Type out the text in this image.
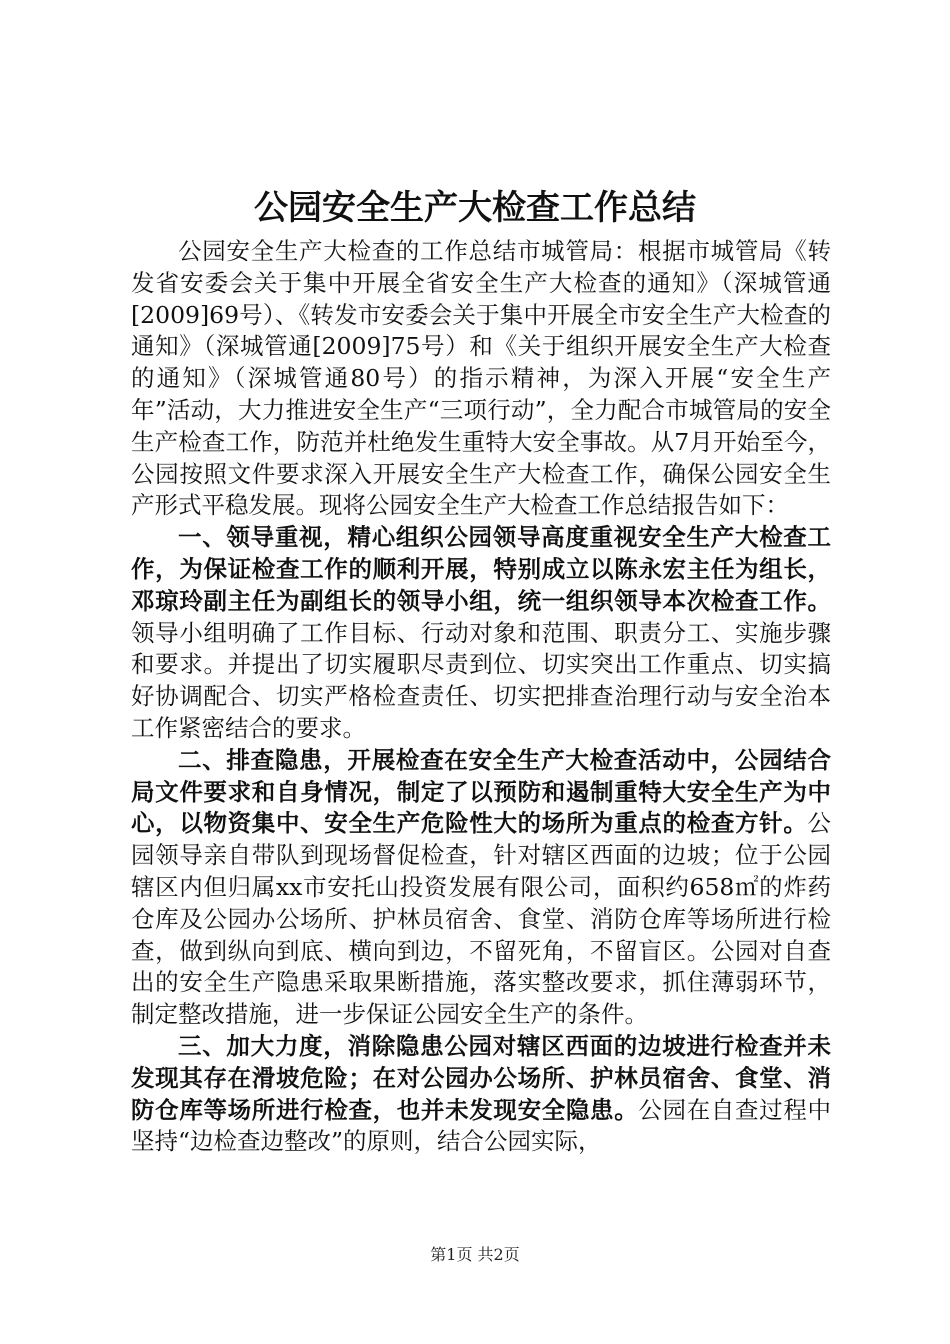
公园安全生产大检查工作总结

公园安全生产大检查的工作总结市城管局：根据市城管局《转发省安委会关于集中开展全省安全生产大检查的通知》（深城管通[2009]69号）、《转发市安委会关于集中开展全市安全生产大检查的通知》（深城管通[2009]75号）和《关于组织开展安全生产大检查的通知》（深城管通80号）的指示精神，为深入开展“安全生产年”活动，大力推进安全生产“三项行动”，全力配合市城管局的安全生产检查工作，防范并杜绝发生重特大安全事故。从7月开始至今，公园按照文件要求深入开展安全生产大检查工作，确保公园安全生产形式平稳发展。现将公园安全生产大检查工作总结报告如下：

一、领导重视，精心组织公园领导高度重视安全生产大检查工作，为保证检查工作的顺利开展，特别成立以陈永宏主任为组长，邓琼玲副主任为副组长的领导小组，统一组织领导本次检查工作。领导小组明确了工作目标、行动对象和范围、职责分工、实施步骤和要求。并提出了切实履职尽责到位、切实突出工作重点、切实搞好协调配合、切实严格检查责任、切实把排查治理行动与安全治本工作紧密结合的要求。

二、排查隐患，开展检查在安全生产大检查活动中，公园结合局文件要求和自身情况，制定了以预防和遏制重特大安全生产为中心，以物资集中、安全生产危险性大的场所为重点的检查方针。公园领导亲自带队到现场督促检查，针对辖区西面的边坡；位于公园辖区内但归属xx市安托山投资发展有限公司，面积约658㎡的炸药仓库及公园办公场所、护林员宿舍、食堂、消防仓库等场所进行检查，做到纵向到底、横向到边，不留死角，不留盲区。公园对自查出的安全生产隐患采取果断措施，落实整改要求，抓住薄弱环节，制定整改措施，进一步保证公园安全生产的条件。

三、加大力度，消除隐患公园对辖区西面的边坡进行检查并未发现其存在滑坡危险；在对公园办公场所、护林员宿舍、食堂、消防仓库等场所进行检查，也并未发现安全隐患。公园在自查过程中坚持“边检查边整改”的原则，结合公园实际，

第1页 共2页
